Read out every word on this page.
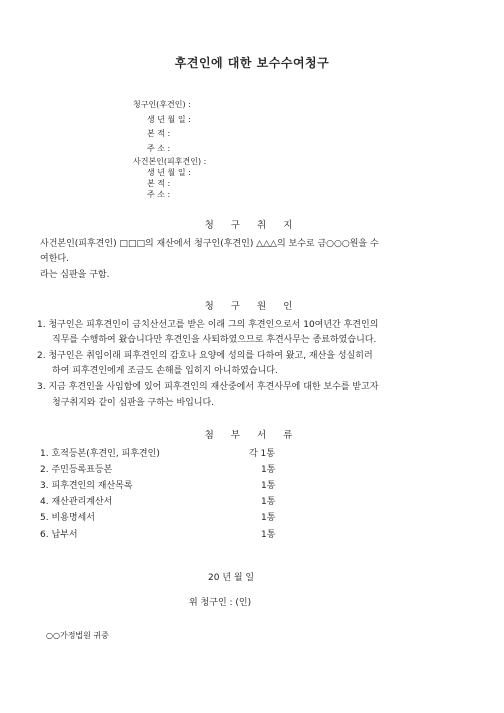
후견인에 대한 보수수여청구
청구인(후견인) :
생 년 월 일 :
본 적 :
주 소 :
사건본인(피후견인) :
생 년 월 일 :
본 적 :
주 소 :
청 구 취 지
사건본인(피후견인) □□□의 재산에서 청구인(후견인) △△△의 보수로 금○○○원을 수
여한다.
라는 심판을 구함.
청 구 원 인
1. 청구인은 피후견인이 금치산선고를 받은 이래 그의 후견인으로서 10여년간 후견인의
직무를 수행하여 왔습니다만 후견인을 사퇴하였으므로 후견사무는 종료하였습니다.
2. 청구인은 취임이래 피후견인의 감호나 요양에 성의를 다하여 왔고, 재산을 성실히러
하여 피후견인에게 조금도 손해를 입히지 아니하였습니다.
3. 지금 후견인을 사임함에 있어 피후견인의 재산중에서 후견사무에 대한 보수를 받고자
청구취지와 같이 심판을 구하는 바입니다.
첨 부 서 류
1. 호적등본(후견인, 피후견인)	각 1통
2. 주민등록표등본	1통
3. 피후견인의 재산목록	1통
4. 재산관리계산서	1통
5. 비용명세서	1통
6. 납부서	1통
20 년 월 일
위 청구인 : (인)
○○가정법원 귀중
